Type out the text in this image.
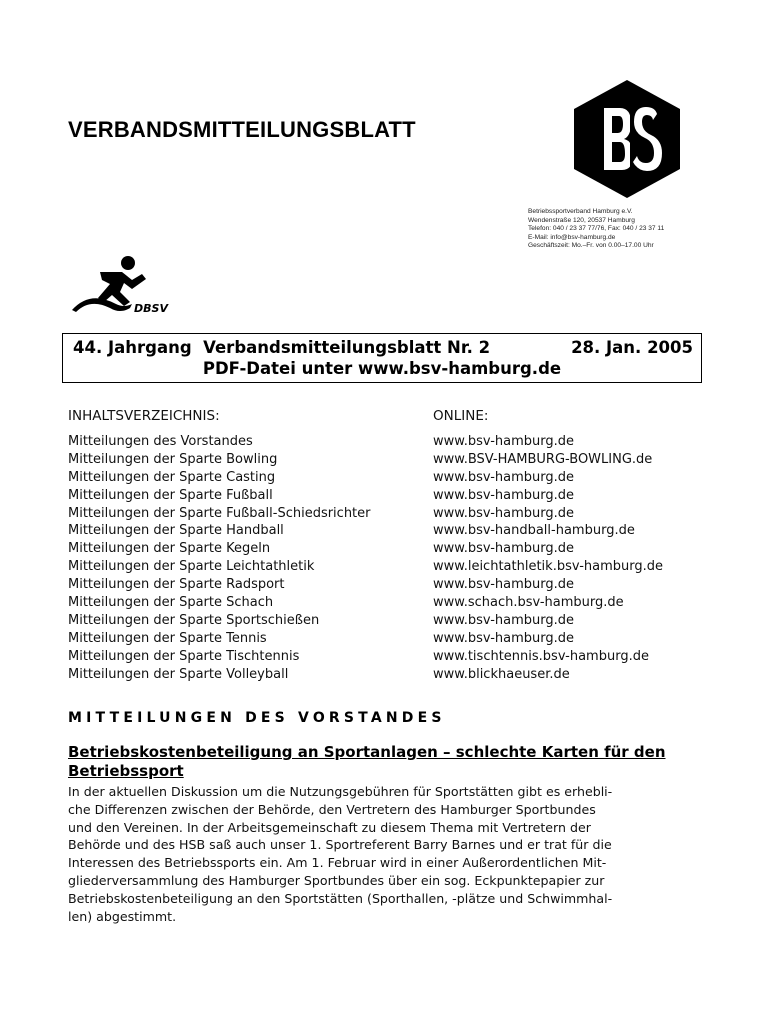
VERBANDSMITTEILUNGSBLATT
Betriebssportverband Hamburg e.V.
Wendenstraße 120, 20537 Hamburg
Telefon: 040 / 23 37 77/76, Fax: 040 / 23 37 11
E-Mail: info@bsv-hamburg.de
Geschäftszeit: Mo.–Fr. von 0.00–17.00 Uhr
DBSV
44. Jahrgang  Verbandsmitteilungsblatt Nr. 2	28. Jan. 2005
PDF-Datei unter www.bsv-hamburg.de
INHALTSVERZEICHNIS:	ONLINE:
Mitteilungen des Vorstandes	www.bsv-hamburg.de
Mitteilungen der Sparte Bowling	www.BSV-HAMBURG-BOWLING.de
Mitteilungen der Sparte Casting	www.bsv-hamburg.de
Mitteilungen der Sparte Fußball	www.bsv-hamburg.de
Mitteilungen der Sparte Fußball-Schiedsrichter	www.bsv-hamburg.de
Mitteilungen der Sparte Handball	www.bsv-handball-hamburg.de
Mitteilungen der Sparte Kegeln	www.bsv-hamburg.de
Mitteilungen der Sparte Leichtathletik	www.leichtathletik.bsv-hamburg.de
Mitteilungen der Sparte Radsport	www.bsv-hamburg.de
Mitteilungen der Sparte Schach	www.schach.bsv-hamburg.de
Mitteilungen der Sparte Sportschießen	www.bsv-hamburg.de
Mitteilungen der Sparte Tennis	www.bsv-hamburg.de
Mitteilungen der Sparte Tischtennis	www.tischtennis.bsv-hamburg.de
Mitteilungen der Sparte Volleyball	www.blickhaeuser.de
MITTEILUNGEN DES VORSTANDES
Betriebskostenbeteiligung an Sportanlagen – schlechte Karten für den Betriebssport
In der aktuellen Diskussion um die Nutzungsgebühren für Sportstätten gibt es erhebli-
che Differenzen zwischen der Behörde, den Vertretern des Hamburger Sportbundes
und den Vereinen. In der Arbeitsgemeinschaft zu diesem Thema mit Vertretern der
Behörde und des HSB saß auch unser 1. Sportreferent Barry Barnes und er trat für die
Interessen des Betriebssports ein. Am 1. Februar wird in einer Außerordentlichen Mit-
gliederversammlung des Hamburger Sportbundes über ein sog. Eckpunktepapier zur
Betriebskostenbeteiligung an den Sportstätten (Sporthallen, -plätze und Schwimmhal-
len) abgestimmt.
